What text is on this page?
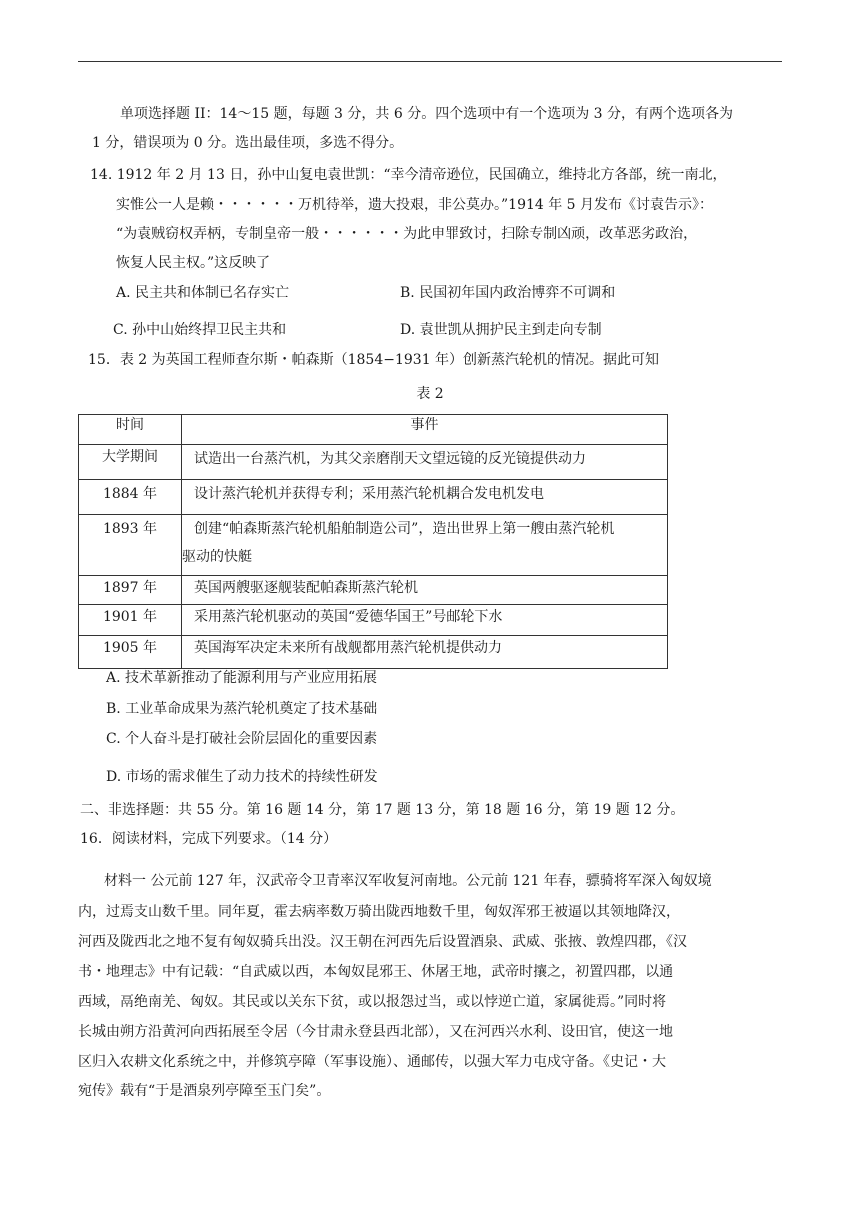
单项选择题 II：14～15 题，每题 3 分，共 6 分。四个选项中有一个选项为 3 分，有两个选项各为
1 分，错误项为 0 分。选出最佳项，多选不得分。
14. 1912 年 2 月 13 日，孙中山复电袁世凯：“幸今清帝逊位，民国确立，维持北方各部，统一南北，
实惟公一人是赖・・・・・・万机待举，遗大投艰，非公莫办。”1914 年 5 月发布《讨袁告示》：
“为袁贼窃权弄柄，专制皇帝一般・・・・・・为此申罪致讨，扫除专制凶顽，改革恶劣政治，
恢复人民主权。”这反映了
A. 民主共和体制已名存实亡	B. 民国初年国内政治博弈不可调和
C. 孙中山始终捍卫民主共和	D. 袁世凯从拥护民主到走向专制
15．表 2 为英国工程师查尔斯・帕森斯（1854−1931 年）创新蒸汽轮机的情况。据此可知
表 2
时间	事件
大学期间	试造出一台蒸汽机，为其父亲磨削天文望远镜的反光镜提供动力
1884 年	设计蒸汽轮机并获得专利；采用蒸汽轮机耦合发电机发电
1893 年	创建“帕森斯蒸汽轮机船舶制造公司”，造出世界上第一艘由蒸汽轮机
驱动的快艇

1897 年	英国两艘驱逐舰装配帕森斯蒸汽轮机
1901 年	采用蒸汽轮机驱动的英国“爱德华国王”号邮轮下水
1905 年	英国海军决定未来所有战舰都用蒸汽轮机提供动力
A. 技术革新推动了能源利用与产业应用拓展
B. 工业革命成果为蒸汽轮机奠定了技术基础
C. 个人奋斗是打破社会阶层固化的重要因素
D. 市场的需求催生了动力技术的持续性研发
二、非选择题：共 55 分。第 16 题 14 分，第 17 题 13 分，第 18 题 16 分，第 19 题 12 分。
16．阅读材料，完成下列要求。（14 分）
材料一 公元前 127 年，汉武帝令卫青率汉军收复河南地。公元前 121 年春，骠骑将军深入匈奴境
内，过焉支山数千里。同年夏，霍去病率数万骑出陇西地数千里，匈奴浑邪王被逼以其领地降汉，
河西及陇西北之地不复有匈奴骑兵出没。汉王朝在河西先后设置酒泉、武威、张掖、敦煌四郡，《汉
书・地理志》中有记载：“自武威以西，本匈奴昆邪王、休屠王地，武帝时攘之，初置四郡，以通
西域，鬲绝南羌、匈奴。其民或以关东下贫，或以报怨过当，或以悖逆亡道，家属徙焉。”同时将
长城由朔方沿黄河向西拓展至令居（今甘肃永登县西北部），又在河西兴水利、设田官，使这一地
区归入农耕文化系统之中，并修筑亭障（军事设施）、通邮传，以强大军力屯戍守备。《史记・大
宛传》载有“于是酒泉列亭障至玉门矣”。
